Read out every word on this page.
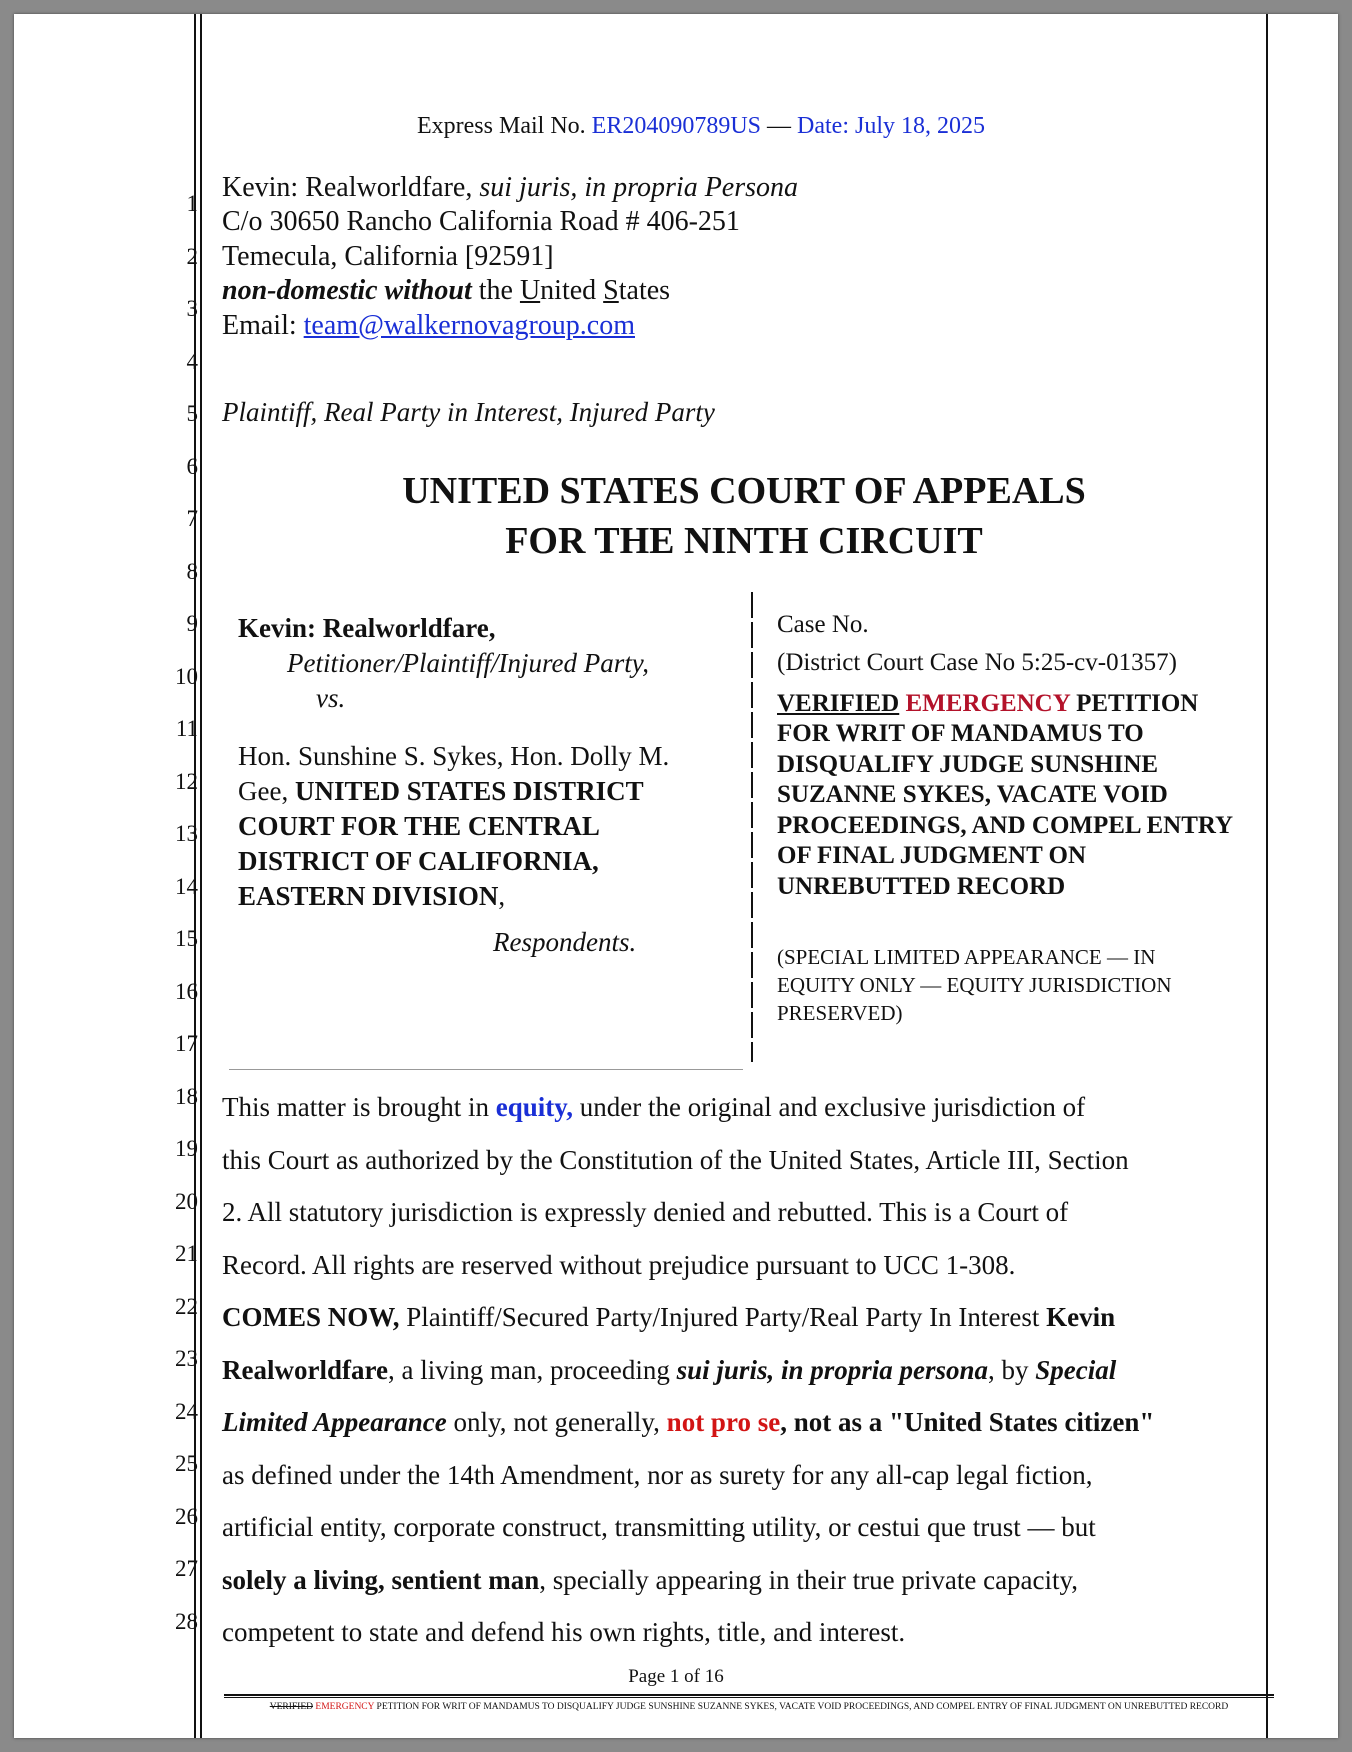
Express Mail No. ER204090789US — Date: July 18, 2025
1
2
3
4
5
6
7
8
9
10
11
12
13
14
15
16
17
18
19
20
21
22
23
24
25
26
27
28
Kevin: Realworldfare, sui juris, in propria Persona
C/o 30650 Rancho California Road # 406-251
Temecula, California [92591]
non-domestic without the United States
Email: team@walkernovagroup.com
Plaintiff, Real Party in Interest, Injured Party
UNITED STATES COURT OF APPEALS
FOR THE NINTH CIRCUIT
Kevin: Realworldfare,
Petitioner/Plaintiff/Injured Party,
vs.
Hon. Sunshine S. Sykes, Hon. Dolly M.
Gee, UNITED STATES DISTRICT
COURT FOR THE CENTRAL
DISTRICT OF CALIFORNIA,
EASTERN DIVISION,
Respondents.
Case No.
(District Court Case No 5:25-cv-01357)
VERIFIED EMERGENCY PETITION
FOR WRIT OF MANDAMUS TO
DISQUALIFY JUDGE SUNSHINE
SUZANNE SYKES, VACATE VOID
PROCEEDINGS, AND COMPEL ENTRY
OF FINAL JUDGMENT ON
UNREBUTTED RECORD
(SPECIAL LIMITED APPEARANCE — IN
EQUITY ONLY — EQUITY JURISDICTION
PRESERVED)
This matter is brought in equity, under the original and exclusive jurisdiction of
this Court as authorized by the Constitution of the United States, Article III, Section
2. All statutory jurisdiction is expressly denied and rebutted. This is a Court of
Record. All rights are reserved without prejudice pursuant to UCC 1-308.
COMES NOW, Plaintiff/Secured Party/Injured Party/Real Party In Interest Kevin
Realworldfare, a living man, proceeding sui juris, in propria persona, by Special
Limited Appearance only, not generally, not pro se, not as a "United States citizen"
as defined under the 14th Amendment, nor as surety for any all-cap legal fiction,
artificial entity, corporate construct, transmitting utility, or cestui que trust — but
solely a living, sentient man, specially appearing in their true private capacity,
competent to state and defend his own rights, title, and interest.
Page 1 of 16
VERIFIED EMERGENCY PETITION FOR WRIT OF MANDAMUS TO DISQUALIFY JUDGE SUNSHINE SUZANNE SYKES, VACATE VOID PROCEEDINGS, AND COMPEL ENTRY OF FINAL JUDGMENT ON UNREBUTTED RECORD
